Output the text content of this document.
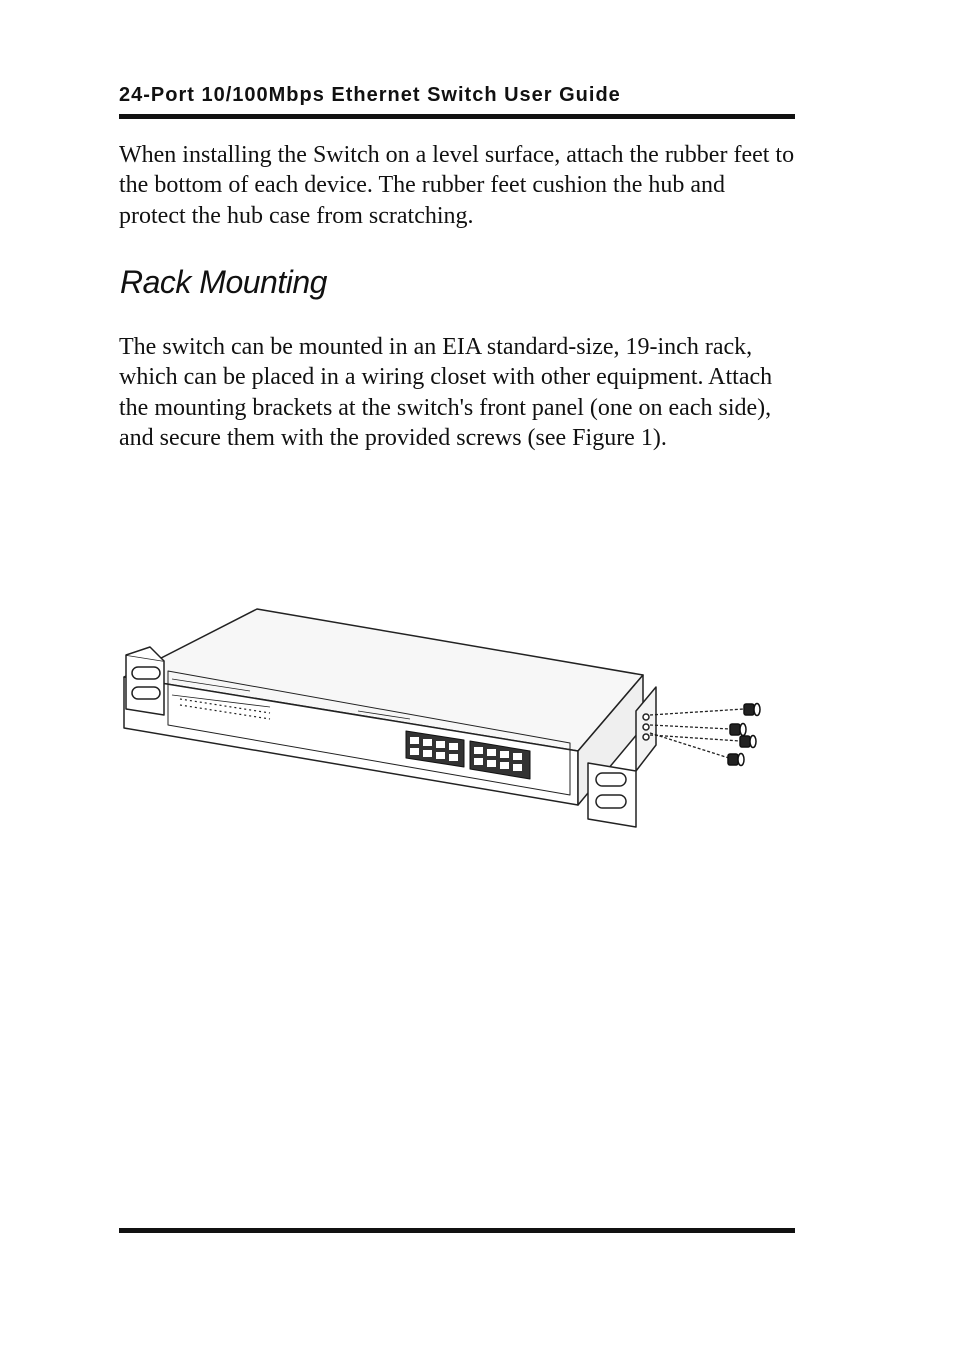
24-Port 10/100Mbps Ethernet Switch User Guide

When installing the Switch on a level surface, attach the rubber feet to the bottom of each device. The rubber feet cushion the hub and protect the hub case from scratching.

Rack Mounting

The switch can be mounted in an EIA standard-size, 19-inch rack, which can be placed in a wiring closet with other equipment. Attach the mounting brackets at the switch's front panel (one on each side), and secure them with the provided screws (see Figure 1).
